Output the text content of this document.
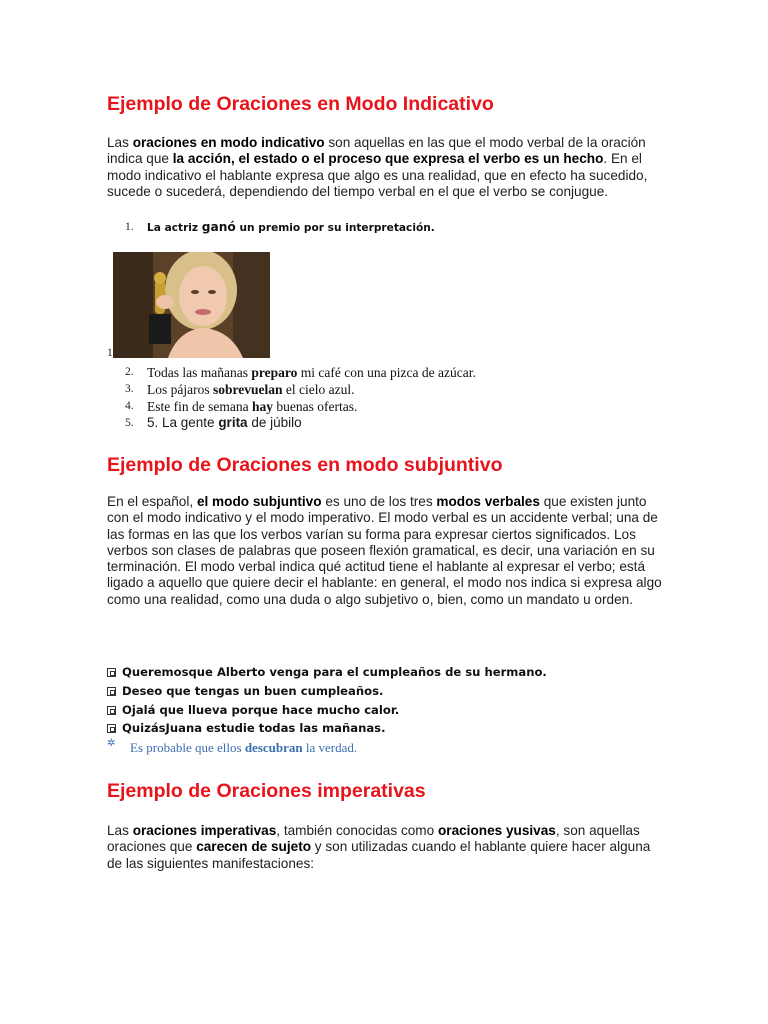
Ejemplo de Oraciones en Modo Indicativo

Las oraciones en modo indicativo son aquellas en las que el modo verbal de la oración indica que la acción, el estado o el proceso que expresa el verbo es un hecho. En el modo indicativo el hablante expresa que algo es una realidad, que en efecto ha sucedido, sucede o sucederá, dependiendo del tiempo verbal en el que el verbo se conjugue.

1. La actriz ganó un premio por su interpretación.
1.
2. Todas las mañanas preparo mi café con una pizca de azúcar.
3. Los pájaros sobrevuelan el cielo azul.
4. Este fin de semana hay buenas ofertas.
5. 5. La gente grita de júbilo
Ejemplo de Oraciones en modo subjuntivo

En el español, el modo subjuntivo es uno de los tres modos verbales que existen junto con el modo indicativo y el modo imperativo. El modo verbal es un accidente verbal; una de las formas en las que los verbos varían su forma para expresar ciertos significados. Los verbos son clases de palabras que poseen flexión gramatical, es decir, una variación en su terminación. El modo verbal indica qué actitud tiene el hablante al expresar el verbo; está ligado a aquello que quiere decir el hablante: en general, el modo nos indica si expresa algo como una realidad, como una duda o algo subjetivo o, bien, como un mandato u orden.

Queremosque Alberto venga para el cumpleaños de su hermano.
Deseo que tengas un buen cumpleaños.
Ojalá que llueva porque hace mucho calor.
QuizásJuana estudie todas las mañanas.
✲ Es probable que ellos descubran la verdad.
Ejemplo de Oraciones imperativas

Las oraciones imperativas, también conocidas como oraciones yusivas, son aquellas oraciones que carecen de sujeto y son utilizadas cuando el hablante quiere hacer alguna de las siguientes manifestaciones:
